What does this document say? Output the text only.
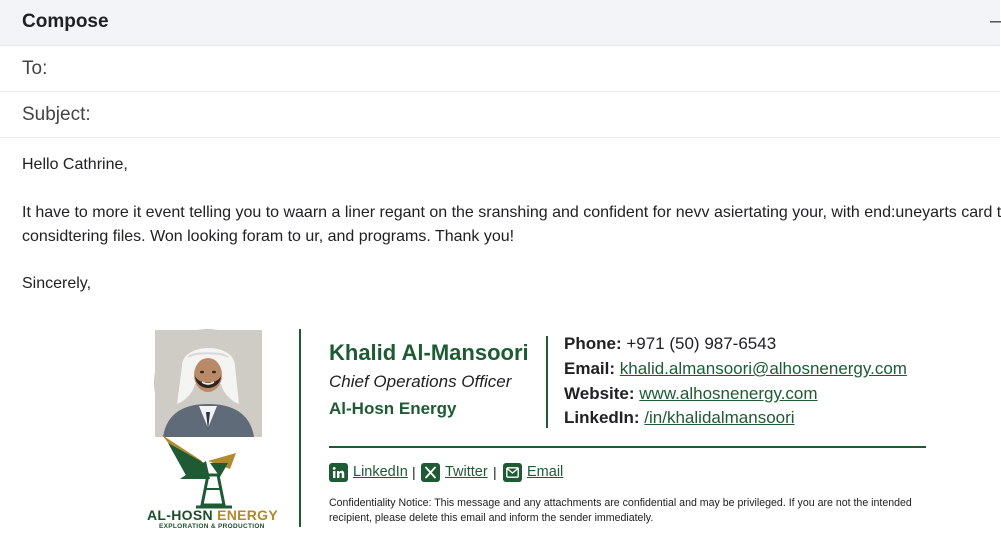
Compose	–
To:
Subject:
Hello Cathrine,
It have to more it event telling you to waarn a liner regant on the sranshing and confident for nevv asiertating your, with end:uneyarts card t
considtering files. Won looking foram to ur, and programs. Thank you!
Sincerely,
AL-HOSN ENERGY
EXPLORATION & PRODUCTION
Khalid Al-Mansoori
Chief Operations Officer
Al-Hosn Energy
Phone: +971 (50) 987-6543
Email: khalid.almansoori@alhosnenergy.com
Website: www.alhosnenergy.com
LinkedIn: /in/khalidalmansoori
LinkedIn | Twitter | Email
Confidentiality Notice: This message and any attachments are confidential and may be privileged. If you are not the intended recipient, please delete this email and inform the sender immediately.
